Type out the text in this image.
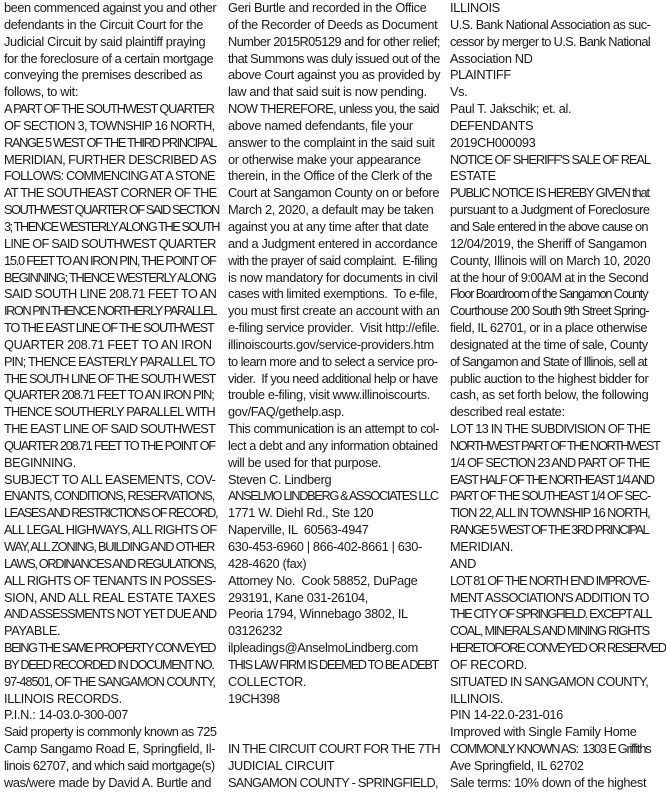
been commenced against you and other
defendants in the Circuit Court for the
Judicial Circuit by said plaintiff praying
for the foreclosure of a certain mortgage
conveying the premises described as
follows, to wit:
A PART OF THE SOUTHWEST QUARTER
OF SECTION 3, TOWNSHIP 16 NORTH,
RANGE 5 WEST OF THE THIRD PRINCIPAL
MERIDIAN, FURTHER DESCRIBED AS
FOLLOWS: COMMENCING AT A STONE
AT THE SOUTHEAST CORNER OF THE
SOUTHWEST QUARTER OF SAID SECTION
3; THENCE WESTERLY ALONG THE SOUTH
LINE OF SAID SOUTHWEST QUARTER
15.0 FEET TO AN IRON PIN, THE POINT OF
BEGINNING; THENCE WESTERLY ALONG
SAID SOUTH LINE 208.71 FEET TO AN
IRON PIN THENCE NORTHERLY PARALLEL
TO THE EAST LINE OF THE SOUTHWEST
QUARTER 208.71 FEET TO AN IRON
PIN; THENCE EASTERLY PARALLEL TO
THE SOUTH LINE OF THE SOUTH WEST
QUARTER 208.71 FEET TO AN IRON PIN;
THENCE SOUTHERLY PARALLEL WITH
THE EAST LINE OF SAID SOUTHWEST
QUARTER 208.71 FEET TO THE POINT OF
BEGINNING.
SUBJECT TO ALL EASEMENTS, COV-
ENANTS, CONDITIONS, RESERVATIONS,
LEASES AND RESTRICTIONS OF RECORD,
ALL LEGAL HIGHWAYS, ALL RIGHTS OF
WAY, ALL ZONING, BUILDING AND OTHER
LAWS, ORDINANCES AND REGULATIONS,
ALL RIGHTS OF TENANTS IN POSSES-
SION, AND ALL REAL ESTATE TAXES
AND ASSESSMENTS NOT YET DUE AND
PAYABLE.
BEING THE SAME PROPERTY CONVEYED
BY DEED RECORDED IN DOCUMENT NO.
97-48501, OF THE SANGAMON COUNTY,
ILLINOIS RECORDS.
P.I.N.: 14-03.0-300-007
Said property is commonly known as 725
Camp Sangamo Road E, Springfield, Il-
linois 62707, and which said mortgage(s)
was/were made by David A. Burtle and
Geri Burtle and recorded in the Office
of the Recorder of Deeds as Document
Number 2015R05129 and for other relief;
that Summons was duly issued out of the
above Court against you as provided by
law and that said suit is now pending.
NOW THEREFORE, unless you, the said
above named defendants, file your
answer to the complaint in the said suit
or otherwise make your appearance
therein, in the Office of the Clerk of the
Court at Sangamon County on or before
March 2, 2020, a default may be taken
against you at any time after that date
and a Judgment entered in accordance
with the prayer of said complaint.  E-filing
is now mandatory for documents in civil
cases with limited exemptions.  To e-file,
you must first create an account with an
e-filing service provider.  Visit http://efile.
illinoiscourts.gov/service-providers.htm
to learn more and to select a service pro-
vider.  If you need additional help or have
trouble e-filing, visit www.illinoiscourts.
gov/FAQ/gethelp.asp.
This communication is an attempt to col-
lect a debt and any information obtained
will be used for that purpose.
Steven C. Lindberg
ANSELMO LINDBERG & ASSOCIATES LLC
1771 W. Diehl Rd., Ste 120
Naperville, IL  60563-4947
630-453-6960 | 866-402-8661 | 630-
428-4620 (fax)
Attorney No.  Cook 58852, DuPage
293191, Kane 031-26104,
Peoria 1794, Winnebago 3802, IL
03126232
ilpleadings@AnselmoLindberg.com
THIS LAW FIRM IS DEEMED TO BE A DEBT
COLLECTOR.
19CH398
IN THE CIRCUIT COURT FOR THE 7TH
JUDICIAL CIRCUIT
SANGAMON COUNTY - SPRINGFIELD,
ILLINOIS
U.S. Bank National Association as suc-
cessor by merger to U.S. Bank National
Association ND
PLAINTIFF
Vs.
Paul T. Jakschik; et. al.
DEFENDANTS
2019CH000093
NOTICE OF SHERIFF'S SALE OF REAL
ESTATE
PUBLIC NOTICE IS HEREBY GIVEN that
pursuant to a Judgment of Foreclosure
and Sale entered in the above cause on
12/04/2019, the Sheriff of Sangamon
County, Illinois will on March 10, 2020
at the hour of 9:00AM at in the Second
Floor Boardroom of the Sangamon County
Courthouse 200 South 9th Street Spring-
field, IL 62701, or in a place otherwise
designated at the time of sale, County
of Sangamon and State of Illinois, sell at
public auction to the highest bidder for
cash, as set forth below, the following
described real estate:
LOT 13 IN THE SUBDIVISION OF THE
NORTHWEST PART OF THE NORTHWEST
1/4 OF SECTION 23 AND PART OF THE
EAST HALF OF THE NORTHEAST 1/4 AND
PART OF THE SOUTHEAST 1/4 OF SEC-
TION 22, ALL IN TOWNSHIP 16 NORTH,
RANGE 5 WEST OF THE 3RD PRINCIPAL
MERIDIAN.
AND
LOT 81 OF THE NORTH END IMPROVE-
MENT ASSOCIATION'S ADDITION TO
THE CITY OF SPRINGFIELD. EXCEPT ALL
COAL, MINERALS AND MINING RIGHTS
HERETOFORE CONVEYED OR RESERVED
OF RECORD.
SITUATED IN SANGAMON COUNTY,
ILLINOIS.
PIN 14-22.0-231-016
Improved with Single Family Home
COMMONLY KNOWN AS:  1303 E Griffiths
Ave Springfield, IL 62702
Sale terms: 10% down of the highest
